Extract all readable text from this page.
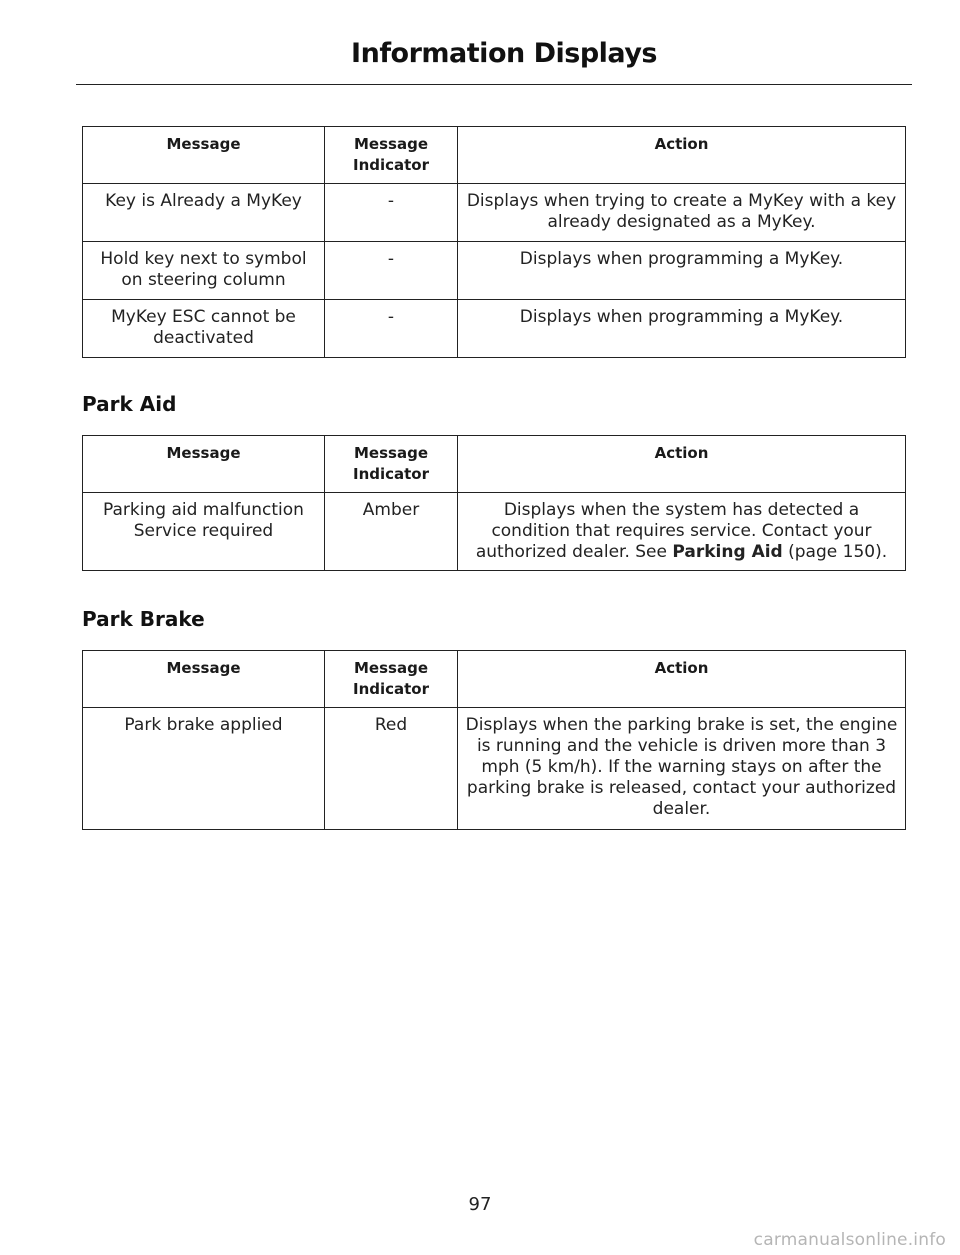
Information Displays
Message	Message Indicator	Action
Key is Already a MyKey	-	Displays when trying to create a MyKey with a key already designated as a MyKey.
Hold key next to symbol on steering column	-	Displays when programming a MyKey.
MyKey ESC cannot be deactivated	-	Displays when programming a MyKey.
Park Aid
Message	Message Indicator	Action
Parking aid malfunction Service required	Amber	Displays when the system has detected a condition that requires service. Contact your authorized dealer. See Parking Aid (page 150).
Park Brake
Message	Message Indicator	Action
Park brake applied	Red	Displays when the parking brake is set, the engine is running and the vehicle is driven more than 3 mph (5 km/h). If the warning stays on after the parking brake is released, contact your authorized dealer.
97
carmanualsonline.info
